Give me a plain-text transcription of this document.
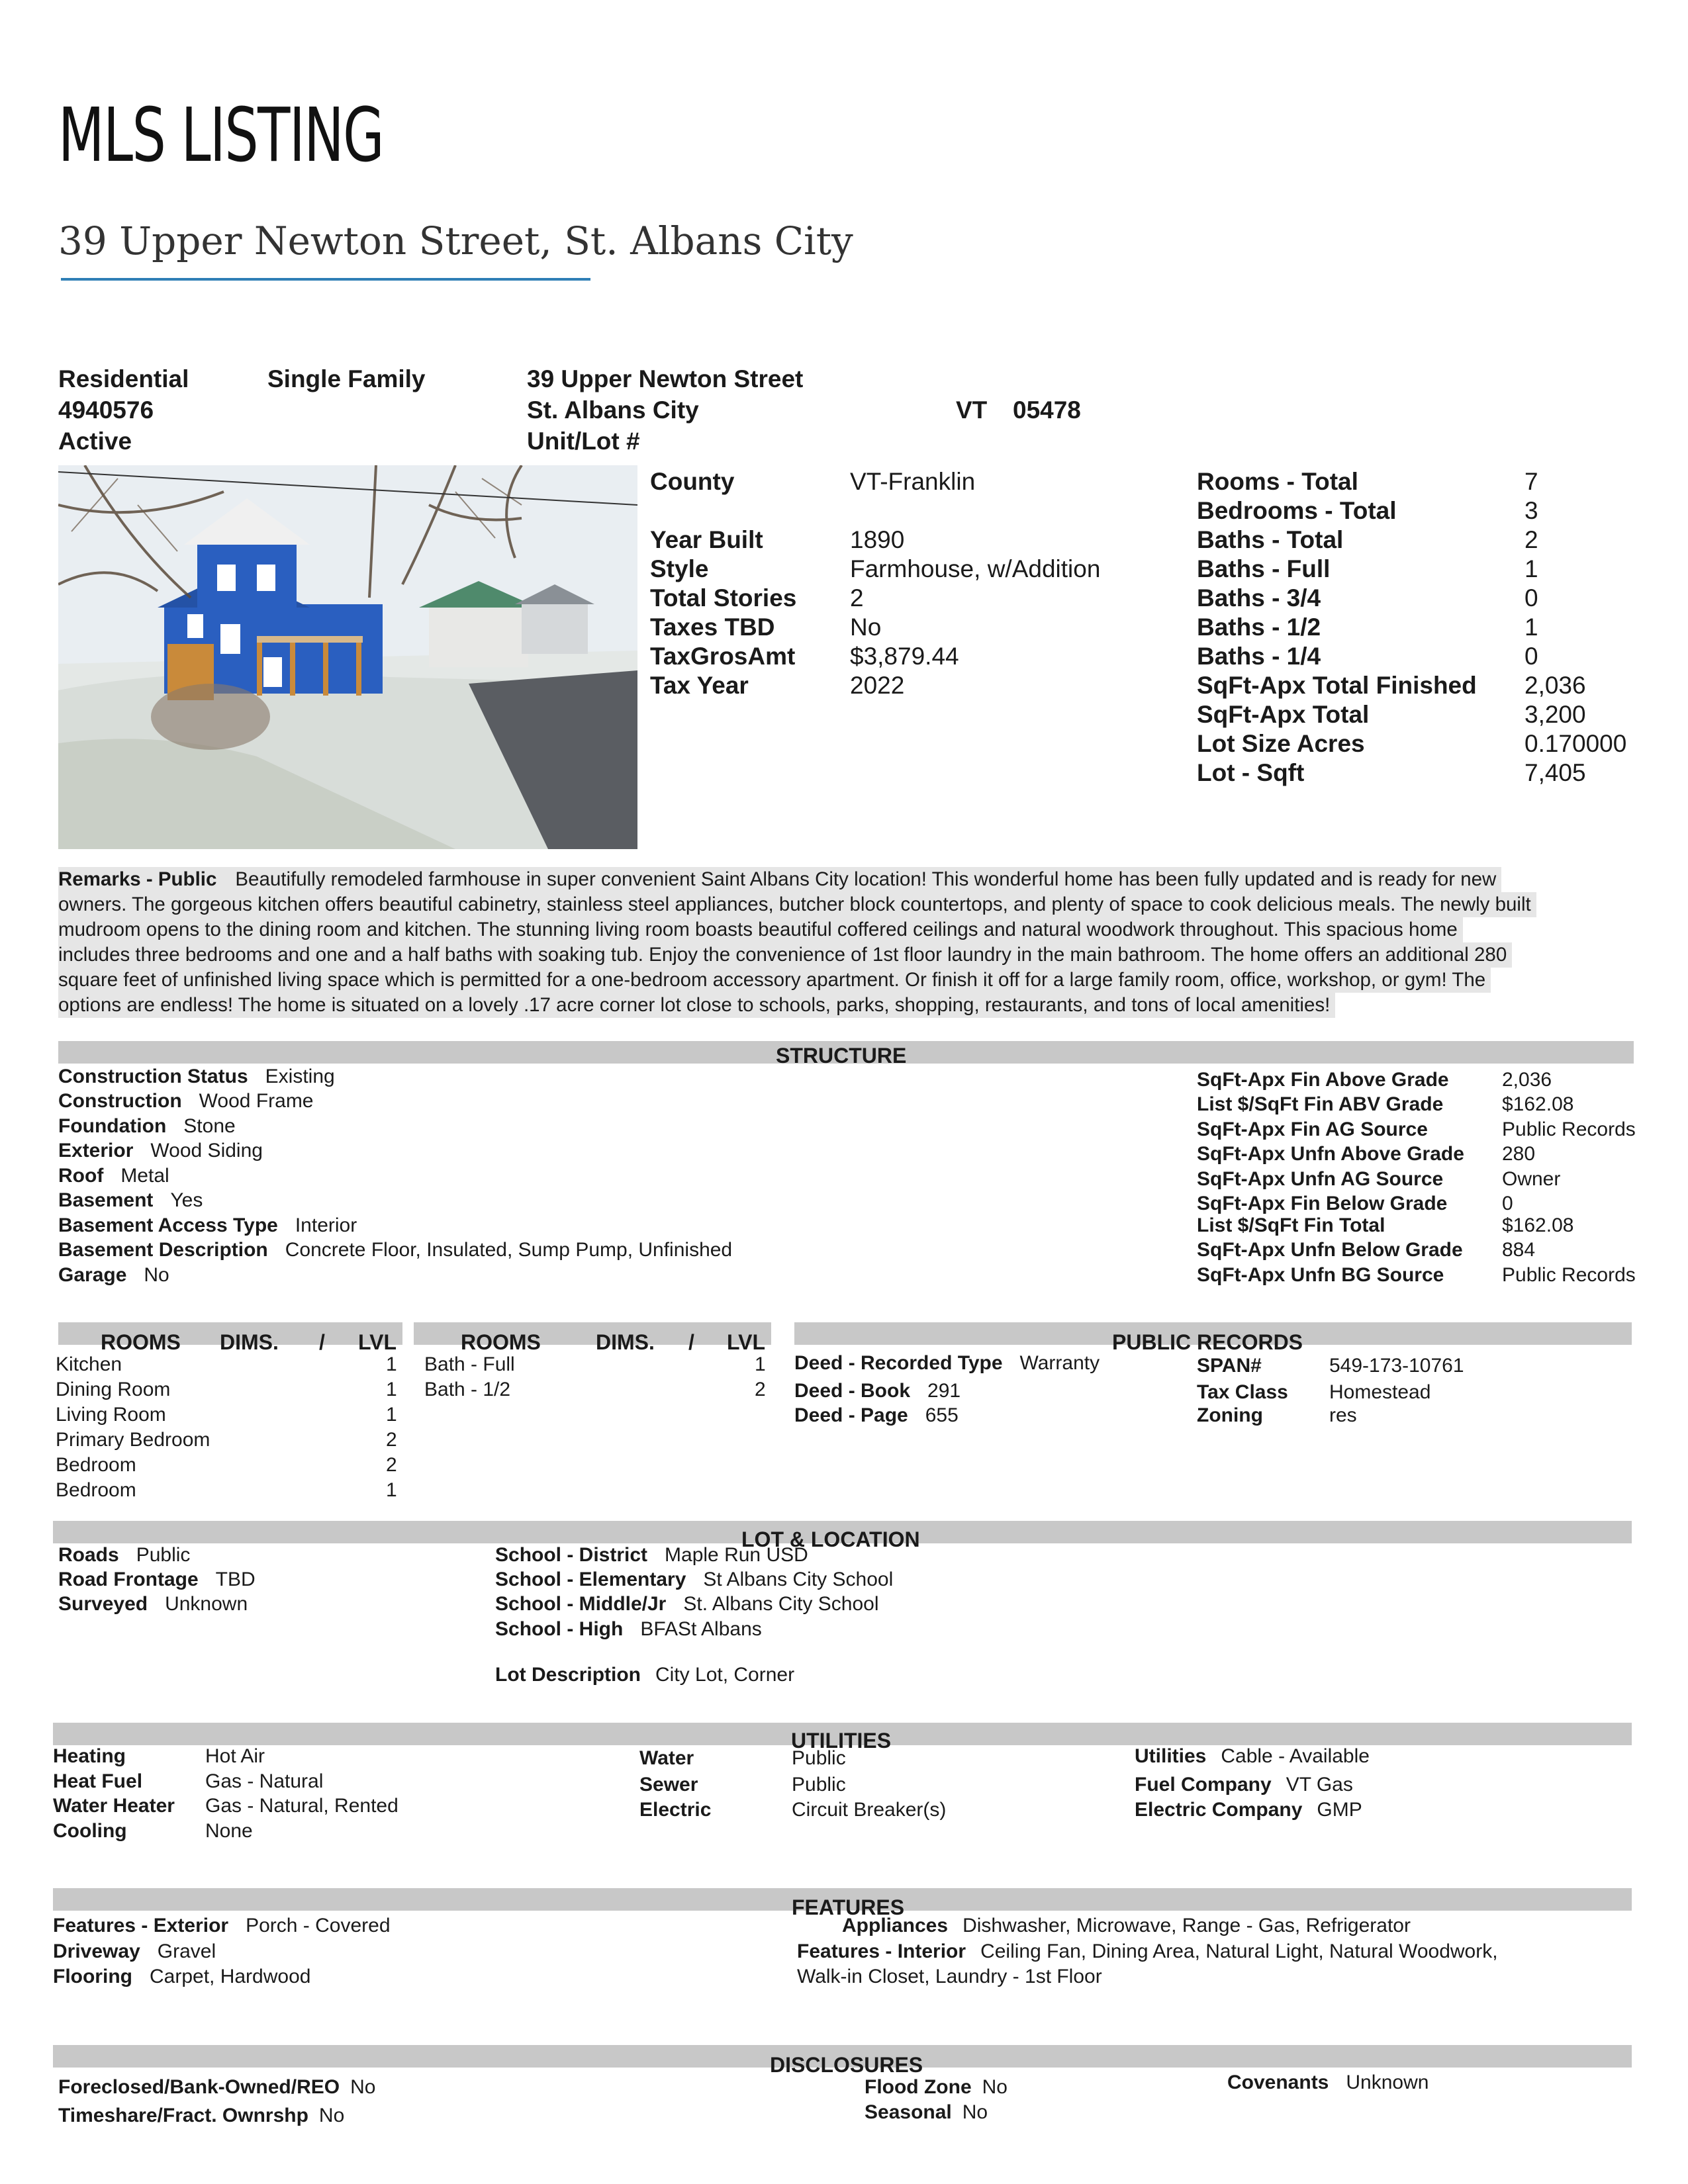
MLS LISTING
39 Upper Newton Street, St. Albans City
Residential
4940576
Active
Single Family	39 Upper Newton Street
St. Albans City	VT 05478
Unit/Lot #
County	VT-Franklin
Year Built	1890
Style	Farmhouse, w/Addition
Total Stories	2
Taxes TBD	No
TaxGrosAmt	$3,879.44
Tax Year	2022
Rooms - Total	7
Bedrooms - Total	3
Baths - Total	2
Baths - Full	1
Baths - 3/4	0
Baths - 1/2	1
Baths - 1/4	0
SqFt-Apx Total Finished	2,036
SqFt-Apx Total	3,200
Lot Size Acres	0.170000
Lot - Sqft	7,405
Remarks - Public Beautifully remodeled farmhouse in super convenient Saint Albans City location! This wonderful home has been fully updated and is ready for new
owners. The gorgeous kitchen offers beautiful cabinetry, stainless steel appliances, butcher block countertops, and plenty of space to cook delicious meals. The newly built
mudroom opens to the dining room and kitchen. The stunning living room boasts beautiful coffered ceilings and natural woodwork throughout. This spacious home
includes three bedrooms and one and a half baths with soaking tub. Enjoy the convenience of 1st floor laundry in the main bathroom. The home offers an additional 280
square feet of unfinished living space which is permitted for a one-bedroom accessory apartment. Or finish it off for a large family room, office, workshop, or gym! The
options are endless! The home is situated on a lovely .17 acre corner lot close to schools, parks, shopping, restaurants, and tons of local amenities!
STRUCTURE
Construction Status Existing
Construction Wood Frame
Foundation Stone
Exterior Wood Siding
Roof Metal
Basement Yes
Basement Access Type Interior
Basement Description Concrete Floor, Insulated, Sump Pump, Unfinished
Garage No
SqFt-Apx Fin Above Grade	2,036
List $/SqFt Fin ABV Grade	$162.08
SqFt-Apx Fin AG Source	Public Records
SqFt-Apx Unfn Above Grade 280
SqFt-Apx Unfn AG Source	Owner
SqFt-Apx Fin Below Grade	0
List $/SqFt Fin Total	$162.08
SqFt-Apx Unfn Below Grade 884
SqFt-Apx Unfn BG Source	Public Records
ROOMS DIMS. / LVL	ROOMS	DIMS. / LVL	PUBLIC RECORDS
Kitchen	1
Dining Room	1
Living Room	1
Primary Bedroom	2
Bedroom	2
Bedroom	1
Bath - Full	1
Bath - 1/2	2
Deed - Recorded Type Warranty
Deed - Book 291
Deed - Page 655
SPAN#	549-173-10761
Tax Class Homestead
Zoning	res
LOT & LOCATION
Roads Public
Road Frontage TBD
Surveyed Unknown
School - District Maple Run USD
School - Elementary St Albans City School
School - Middle/Jr St. Albans City School
School - High BFASt Albans
Lot Description City Lot, Corner
UTILITIES
Heating	Hot Air
Heat Fuel	Gas - Natural
Water Heater Gas - Natural, Rented
Cooling	None
Water	Public
Sewer	Public
Electric	Circuit Breaker(s)
Utilities Cable - Available
Fuel Company VT Gas
Electric Company GMP
FEATURES
Features - Exterior Porch - Covered
Driveway Gravel
Flooring Carpet, Hardwood
Appliances Dishwasher, Microwave, Range - Gas, Refrigerator
Features - Interior Ceiling Fan, Dining Area, Natural Light, Natural Woodwork,
Walk-in Closet, Laundry - 1st Floor
DISCLOSURES
Foreclosed/Bank-Owned/REO No
Timeshare/Fract. Ownrshp No
Flood Zone No
Seasonal No
Covenants Unknown
